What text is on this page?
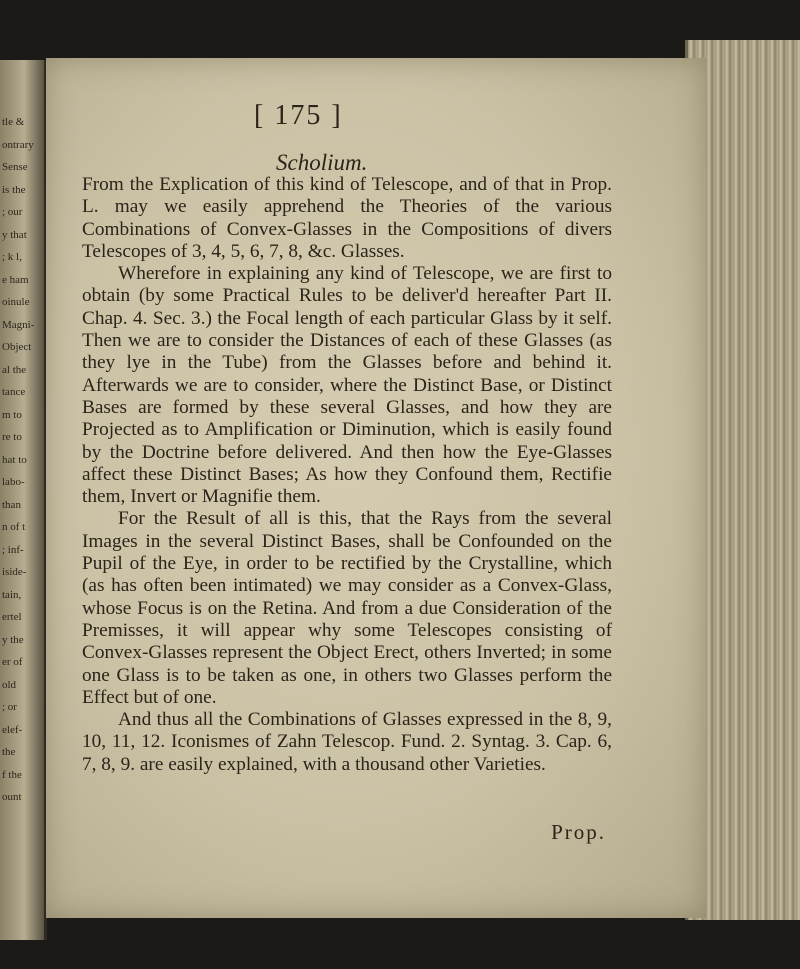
tle &
ontrary
Sense
is the
; our
y that
; k l,
e ham
oinule
Magni-
Object
al the
tance
m to
re to
hat to
labo-
than
n of t
; inf-
iside-
tain,
ertel
y the
er of
old
; or
elef-
the
f the
ount
[ 175 ]
Scholium.

From the Explication of this kind of Telescope, and of that in Prop. L. may we easily apprehend the Theories of the various Combinations of Convex-Glasses in the Compositions of divers Telescopes of 3, 4, 5, 6, 7, 8, &c. Glasses.

Wherefore in explaining any kind of Telescope, we are first to obtain (by some Practical Rules to be deliver'd hereafter Part II. Chap. 4. Sec. 3.) the Focal length of each particular Glass by it self. Then we are to consider the Distances of each of these Glasses (as they lye in the Tube) from the Glasses before and behind it. Afterwards we are to consider, where the Distinct Base, or Distinct Bases are formed by these several Glasses, and how they are Projected as to Amplification or Diminution, which is easily found by the Doctrine before delivered. And then how the Eye-Glasses affect these Distinct Bases; As how they Confound them, Rectifie them, Invert or Magnifie them.

For the Result of all is this, that the Rays from the several Images in the several Distinct Bases, shall be Confounded on the Pupil of the Eye, in order to be rectified by the Crystalline, which (as has often been intimated) we may consider as a Convex-Glass, whose Focus is on the Retina. And from a due Consideration of the Premisses, it will appear why some Telescopes consisting of Convex-Glasses represent the Object Erect, others Inverted; in some one Glass is to be taken as one, in others two Glasses perform the Effect but of one.

And thus all the Combinations of Glasses expressed in the 8, 9, 10, 11, 12. Iconismes of Zahn Telescop. Fund. 2. Syntag. 3. Cap. 6, 7, 8, 9. are easily explained, with a thousand other Varieties.

Prop.
